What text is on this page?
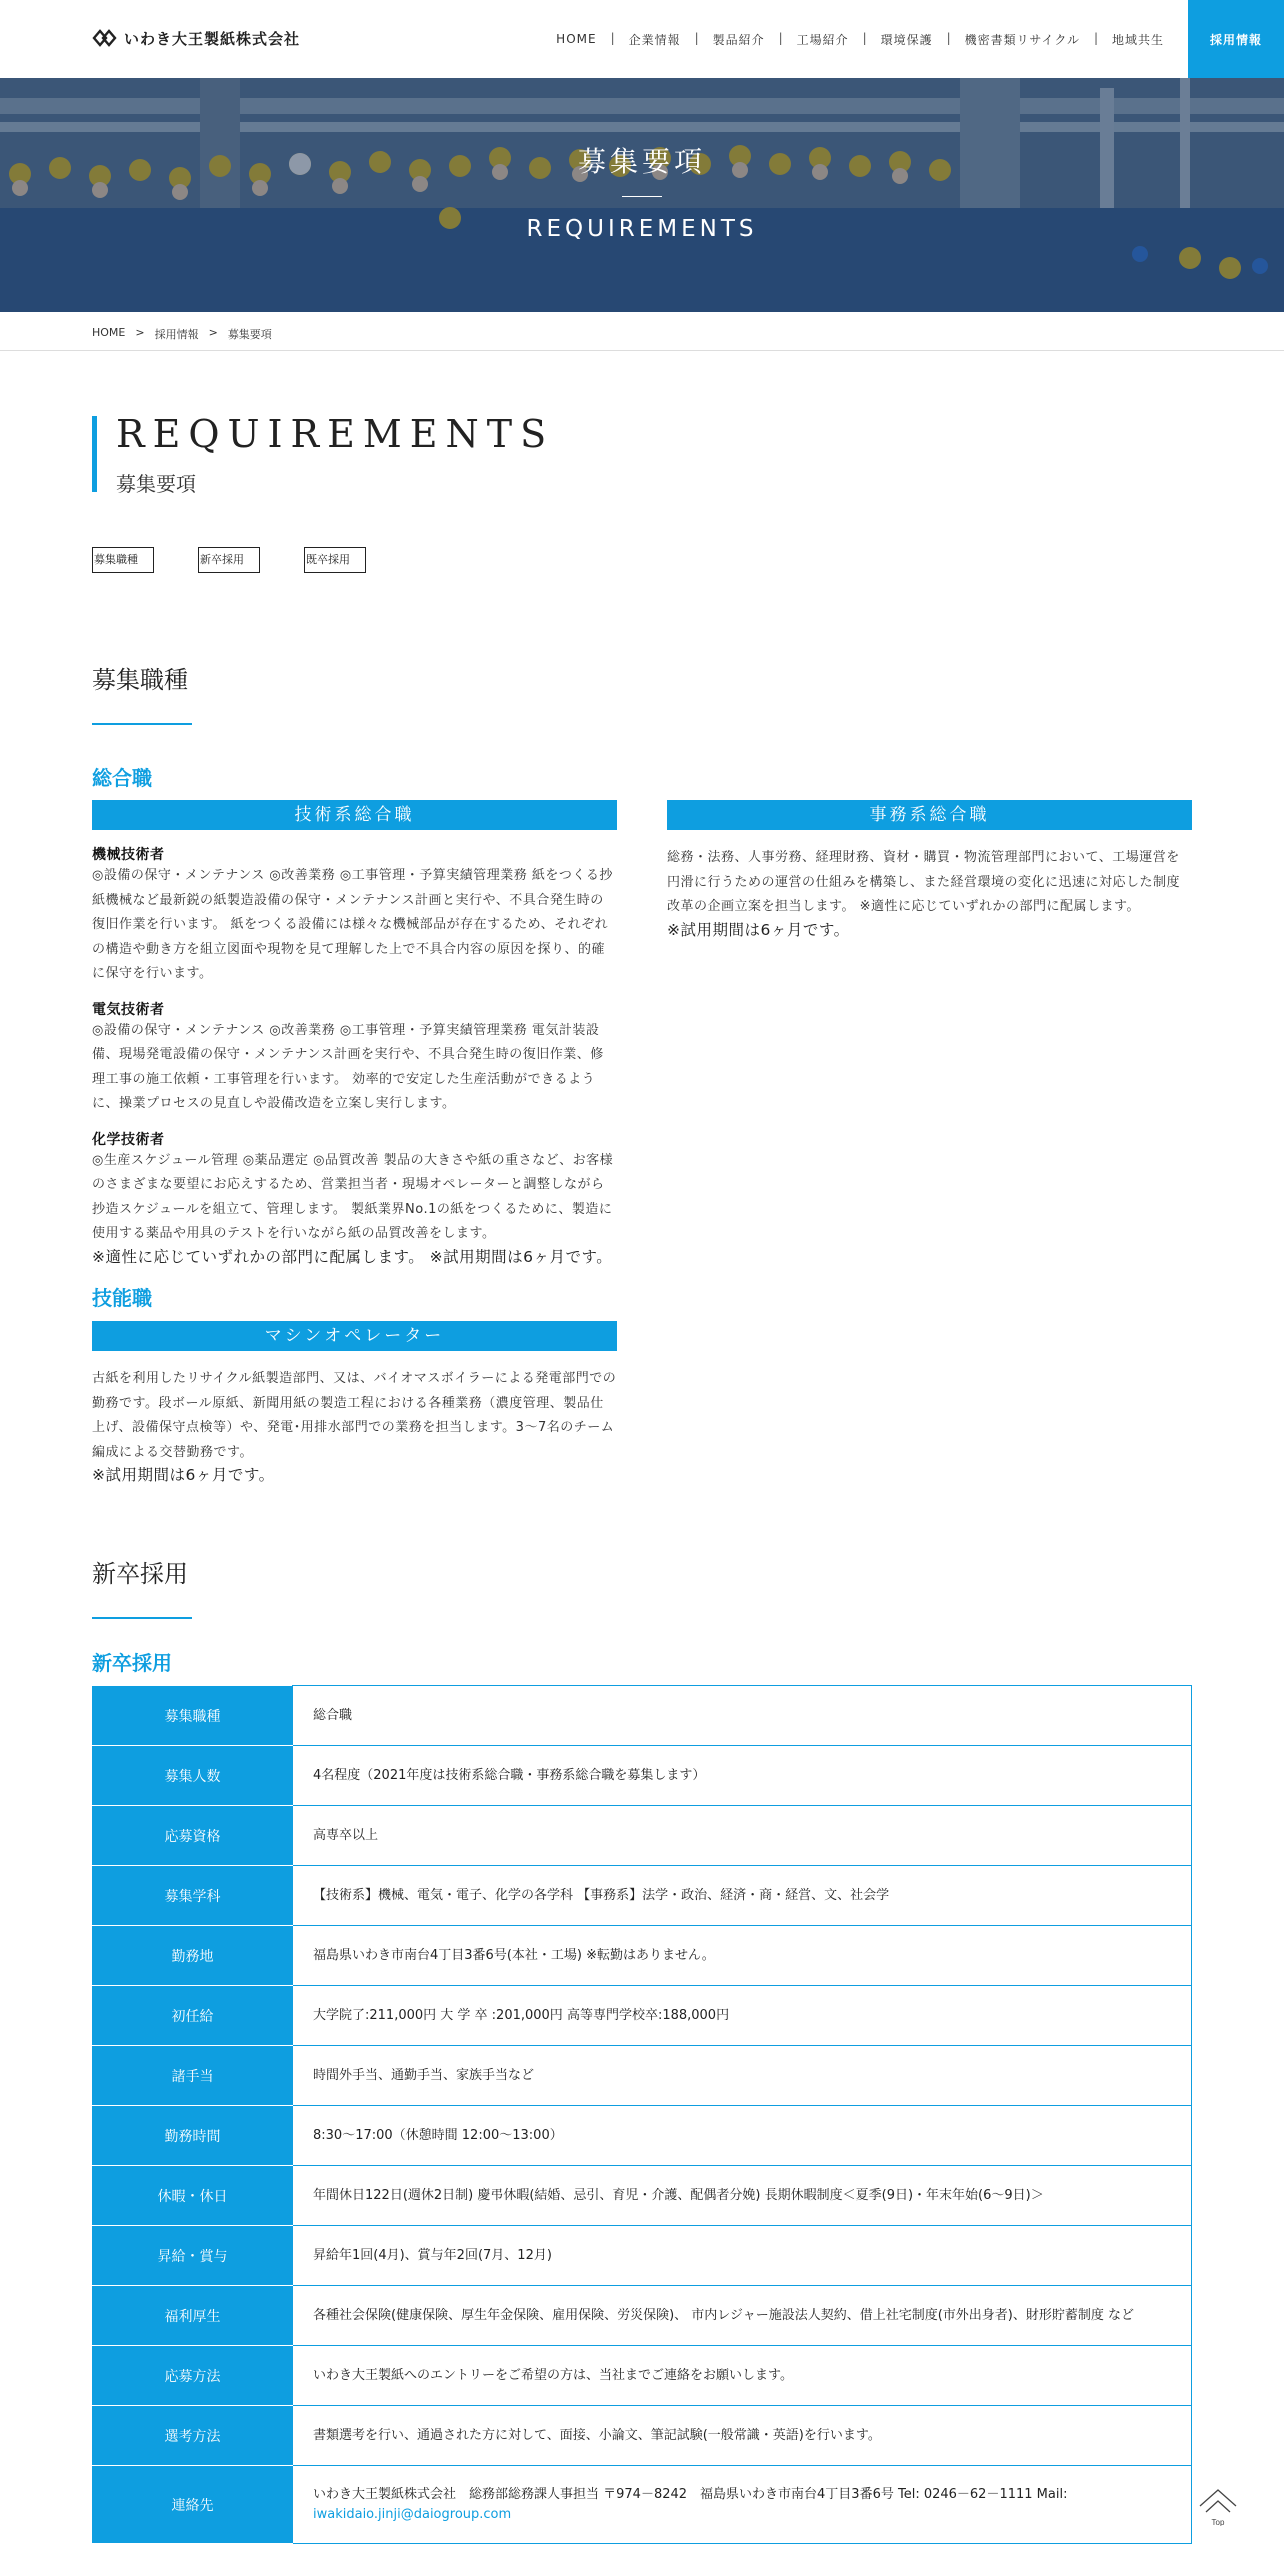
いわき大王製紙株式会社	HOME	| 企業情報	| 製品紹介	| 工場紹介	| 環境保護	| 機密書類リサイクル	| 地域共生	採用情報
募集要項
REQUIREMENTS
HOME > 採用情報 > 募集要項
REQUIREMENTS
募集要項
募集職種	新卒採用	既卒採用
募集職種
総合職
技術系総合職	事務系総合職
機械技術者

◎設備の保守・メンテナンス ◎改善業務 ◎工事管理・予算実績管理業務 紙をつくる抄紙機械など最新鋭の紙製造設備の保守・メンテナンス計画と実行や、不具合発生時の復旧作業を行います。 紙をつくる設備には様々な機械部品が存在するため、それぞれの構造や動き方を組立図面や現物を見て理解した上で不具合内容の原因を探り、的確に保守を行います。

電気技術者

◎設備の保守・メンテナンス ◎改善業務 ◎工事管理・予算実績管理業務 電気計装設備、現場発電設備の保守・メンテナンス計画を実行や、不具合発生時の復旧作業、修理工事の施工依頼・工事管理を行います。 効率的で安定した生産活動ができるように、操業プロセスの見直しや設備改造を立案し実行します。

化学技術者

◎生産スケジュール管理 ◎薬品選定 ◎品質改善 製品の大きさや紙の重さなど、お客様のさまざまな要望にお応えするため、営業担当者・現場オペレーターと調整しながら抄造スケジュールを組立て、管理します。 製紙業界No.1の紙をつくるために、製造に使用する薬品や用具のテストを行いながら紙の品質改善をします。

※適性に応じていずれかの部門に配属します。 ※試用期間は6ヶ月です。

総務・法務、人事労務、経理財務、資材・購買・物流管理部門において、工場運営を円滑に行うための運営の仕組みを構築し、また経営環境の変化に迅速に対応した制度改革の企画立案を担当します。 ※適性に応じていずれかの部門に配属します。

※試用期間は6ヶ月です。

技能職
マシンオペレーター

古紙を利用したリサイクル紙製造部門、又は、バイオマスボイラーによる発電部門での勤務です。段ボール原紙、新聞用紙の製造工程における各種業務（濃度管理、製品仕上げ、設備保守点検等）や、発電･用排水部門での業務を担当します。3～7名のチーム編成による交替勤務です。

※試用期間は6ヶ月です。

新卒採用
新卒採用
募集職種	総合職
募集人数	4名程度（2021年度は技術系総合職・事務系総合職を募集します）
応募資格	高専卒以上
募集学科	【技術系】機械、電気・電子、化学の各学科 【事務系】法学・政治、経済・商・経営、文、社会学
勤務地	福島県いわき市南台4丁目3番6号(本社・工場) ※転勤はありません。
初任給	大学院了:211,000円 大 学 卒 :201,000円 高等専門学校卒:188,000円
諸手当	時間外手当、通勤手当、家族手当など
勤務時間	8:30～17:00（休憩時間 12:00～13:00）
休暇・休日	年間休日122日(週休2日制) 慶弔休暇(結婚、忌引、育児・介護、配偶者分娩) 長期休暇制度＜夏季(9日)・年末年始(6～9日)＞
昇給・賞与	昇給年1回(4月)、賞与年2回(7月、12月)
福利厚生	各種社会保険(健康保険、厚生年金保険、雇用保険、労災保険)、 市内レジャー施設法人契約、借上社宅制度(市外出身者)、財形貯蓄制度 など
応募方法	いわき大王製紙へのエントリーをご希望の方は、当社までご連絡をお願いします。
選考方法	書類選考を行い、通過された方に対して、面接、小論文、筆記試験(一般常識・英語)を行います。
連絡先	いわき大王製紙株式会社　総務部総務課人事担当 〒974－8242　福島県いわき市南台4丁目3番6号 Tel: 0246－62－1111 Mail:
iwakidaio.jinji@daiogroup.com
Top
